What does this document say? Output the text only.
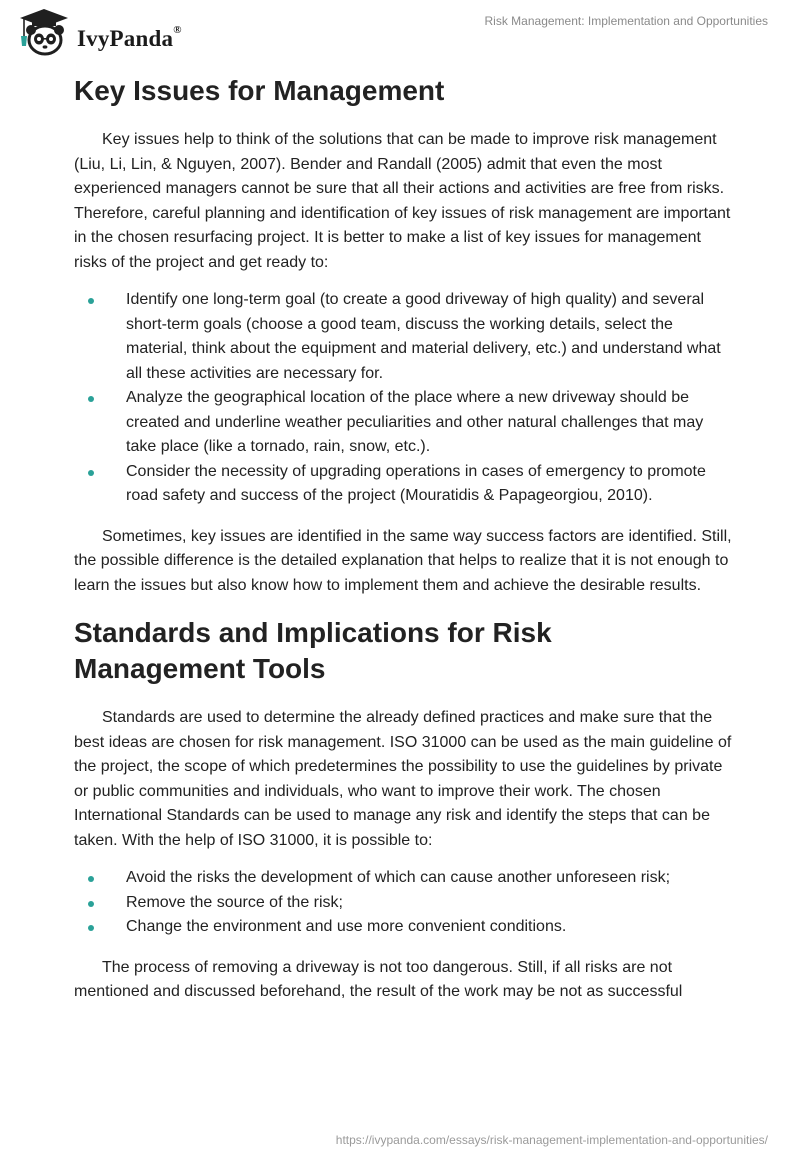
IvyPanda®
Risk Management: Implementation and Opportunities
Key Issues for Management

Key issues help to think of the solutions that can be made to improve risk management (Liu, Li, Lin, & Nguyen, 2007). Bender and Randall (2005) admit that even the most experienced managers cannot be sure that all their actions and activities are free from risks. Therefore, careful planning and identification of key issues of risk management are important in the chosen resurfacing project. It is better to make a list of key issues for management risks of the project and get ready to:

Identify one long-term goal (to create a good driveway of high quality) and several short-term goals (choose a good team, discuss the working details, select the material, think about the equipment and material delivery, etc.) and understand what all these activities are necessary for.
Analyze the geographical location of the place where a new driveway should be created and underline weather peculiarities and other natural challenges that may take place (like a tornado, rain, snow, etc.).
Consider the necessity of upgrading operations in cases of emergency to promote road safety and success of the project (Mouratidis & Papageorgiou, 2010).

Sometimes, key issues are identified in the same way success factors are identified. Still, the possible difference is the detailed explanation that helps to realize that it is not enough to learn the issues but also know how to implement them and achieve the desirable results.

Standards and Implications for Risk
Management Tools

Standards are used to determine the already defined practices and make sure that the best ideas are chosen for risk management. ISO 31000 can be used as the main guideline of the project, the scope of which predetermines the possibility to use the guidelines by private or public communities and individuals, who want to improve their work. The chosen International Standards can be used to manage any risk and identify the steps that can be taken. With the help of ISO 31000, it is possible to:

Avoid the risks the development of which can cause another unforeseen risk;
Remove the source of the risk;
Change the environment and use more convenient conditions.

The process of removing a driveway is not too dangerous. Still, if all risks are not mentioned and discussed beforehand, the result of the work may be not as successful

https://ivypanda.com/essays/risk-management-implementation-and-opportunities/
